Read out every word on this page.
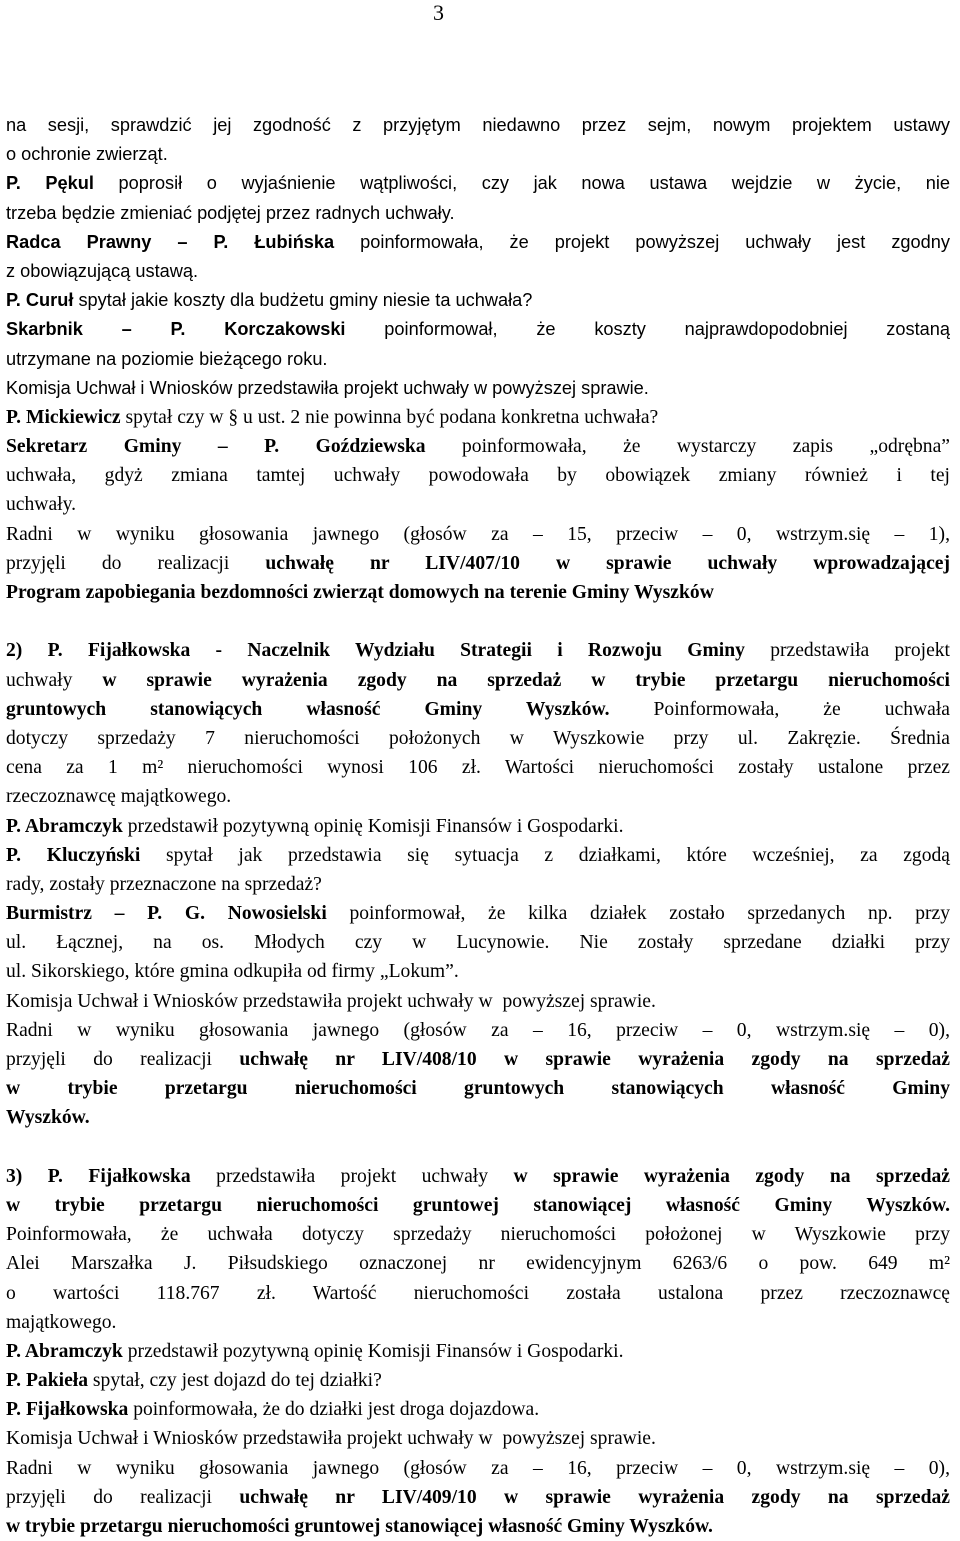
3
na sesji, sprawdzić jej zgodność z przyjętym niedawno przez sejm, nowym projektem ustawy
o ochronie zwierząt.
P. Pękul poprosił o wyjaśnienie wątpliwości, czy jak nowa ustawa wejdzie w życie, nie
trzeba będzie zmieniać podjętej przez radnych uchwały.
Radca Prawny – P. Łubińska poinformowała, że projekt powyższej uchwały jest zgodny
z obowiązującą ustawą.
P. Curuł spytał jakie koszty dla budżetu gminy niesie ta uchwała?
Skarbnik – P. Korczakowski poinformował, że koszty najprawdopodobniej zostaną
utrzymane na poziomie bieżącego roku.
Komisja Uchwał i Wniosków przedstawiła projekt uchwały w powyższej sprawie.
P. Mickiewicz spytał czy w § u ust. 2 nie powinna być podana konkretna uchwała?
Sekretarz Gminy – P. Goździewska poinformowała, że wystarczy zapis „odrębna”
uchwała, gdyż zmiana tamtej uchwały powodowała by obowiązek zmiany również i tej
uchwały.
Radni w wyniku głosowania jawnego (głosów za – 15, przeciw – 0, wstrzym.się – 1),
przyjęli do realizacji uchwałę nr LIV/407/10 w sprawie uchwały wprowadzającej
Program zapobiegania bezdomności zwierząt domowych na terenie Gminy Wyszków
2) P. Fijałkowska - Naczelnik Wydziału Strategii i Rozwoju Gminy przedstawiła projekt
uchwały w sprawie wyrażenia zgody na sprzedaż w trybie przetargu nieruchomości
gruntowych stanowiących własność Gminy Wyszków. Poinformowała, że uchwała
dotyczy sprzedaży 7 nieruchomości położonych w Wyszkowie przy ul. Zakręzie. Średnia
cena za 1 m² nieruchomości wynosi 106 zł. Wartości nieruchomości zostały ustalone przez
rzeczoznawcę majątkowego.
P. Abramczyk przedstawił pozytywną opinię Komisji Finansów i Gospodarki.
P. Kluczyński spytał jak przedstawia się sytuacja z działkami, które wcześniej, za zgodą
rady, zostały przeznaczone na sprzedaż?
Burmistrz – P. G. Nowosielski poinformował, że kilka działek zostało sprzedanych np. przy
ul. Łącznej, na os. Młodych czy w Lucynowie. Nie zostały sprzedane działki przy
ul. Sikorskiego, które gmina odkupiła od firmy „Lokum”.
Komisja Uchwał i Wniosków przedstawiła projekt uchwały w  powyższej sprawie.
Radni w wyniku głosowania jawnego (głosów za – 16, przeciw – 0, wstrzym.się – 0),
przyjęli do realizacji uchwałę nr LIV/408/10 w sprawie wyrażenia zgody na sprzedaż
w trybie przetargu nieruchomości gruntowych stanowiących własność Gminy
Wyszków.
3) P. Fijałkowska przedstawiła projekt uchwały w sprawie wyrażenia zgody na sprzedaż
w trybie przetargu nieruchomości gruntowej stanowiącej własność Gminy Wyszków.
Poinformowała, że uchwała dotyczy sprzedaży nieruchomości położonej w Wyszkowie przy
Alei Marszałka J. Piłsudskiego oznaczonej nr ewidencyjnym 6263/6 o pow. 649 m²
o wartości 118.767 zł. Wartość nieruchomości została ustalona przez rzeczoznawcę
majątkowego.
P. Abramczyk przedstawił pozytywną opinię Komisji Finansów i Gospodarki.
P. Pakieła spytał, czy jest dojazd do tej działki?
P. Fijałkowska poinformowała, że do działki jest droga dojazdowa.
Komisja Uchwał i Wniosków przedstawiła projekt uchwały w  powyższej sprawie.
Radni w wyniku głosowania jawnego (głosów za – 16, przeciw – 0, wstrzym.się – 0),
przyjęli do realizacji uchwałę nr LIV/409/10 w sprawie wyrażenia zgody na sprzedaż
w trybie przetargu nieruchomości gruntowej stanowiącej własność Gminy Wyszków.
